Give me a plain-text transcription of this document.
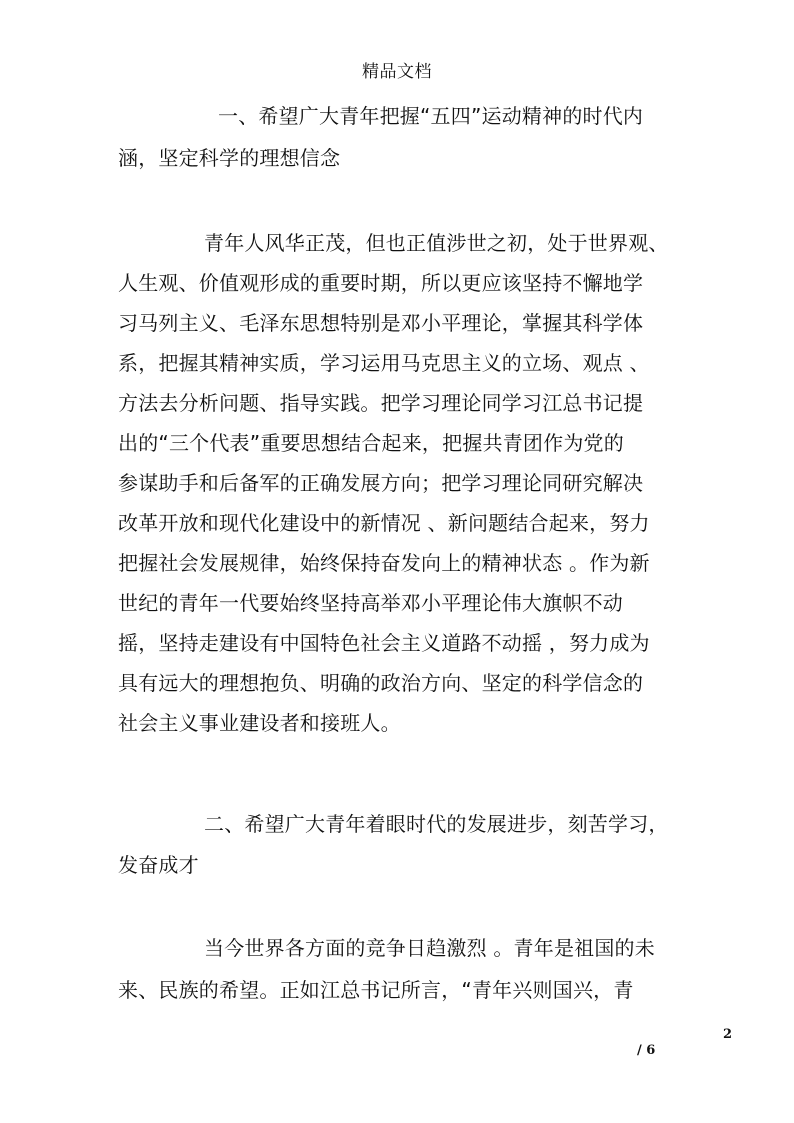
精品文档
一、希望广大青年把握“五四”运动精神的时代内
涵，坚定科学的理想信念
青年人风华正茂，但也正值涉世之初，处于世界观、
人生观、价值观形成的重要时期，所以更应该坚持不懈地学
习马列主义、毛泽东思想特别是邓小平理论，掌握其科学体
系，把握其精神实质，学习运用马克思主义的立场、观点 、
方法去分析问题、指导实践。把学习理论同学习江总书记提
出的“三个代表”重要思想结合起来，把握共青团作为党的
参谋助手和后备军的正确发展方向；把学习理论同研究解决
改革开放和现代化建设中的新情况 、新问题结合起来，努力
把握社会发展规律，始终保持奋发向上的精神状态 。作为新
世纪的青年一代要始终坚持高举邓小平理论伟大旗帜不动
摇，坚持走建设有中国特色社会主义道路不动摇 ，努力成为
具有远大的理想抱负、明确的政治方向、坚定的科学信念的
社会主义事业建设者和接班人。
二、希望广大青年着眼时代的发展进步，刻苦学习，
发奋成才
当今世界各方面的竞争日趋激烈 。青年是祖国的未
来、民族的希望。正如江总书记所言，“青年兴则国兴，青
2
/ 6
